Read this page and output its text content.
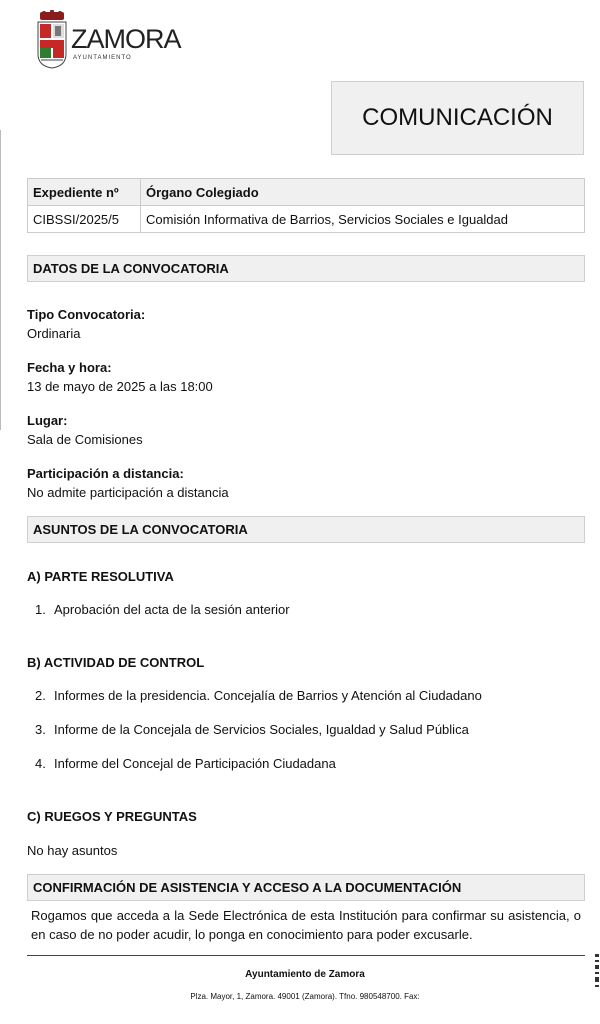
ZAMORA
AYUNTAMIENTO
COMUNICACIÓN
Expediente nº	Órgano Colegiado
CIBSSI/2025/5	Comisión Informativa de Barrios, Servicios Sociales e Igualdad
DATOS DE LA CONVOCATORIA
Tipo Convocatoria:
Ordinaria
Fecha y hora:
13 de mayo de 2025 a las 18:00
Lugar:
Sala de Comisiones
Participación a distancia:
No admite participación a distancia
ASUNTOS DE LA CONVOCATORIA
A) PARTE RESOLUTIVA
1. Aprobación del acta de la sesión anterior
B) ACTIVIDAD DE CONTROL
2. Informes de la presidencia. Concejalía de Barrios y Atención al Ciudadano
3. Informe de la Concejala de Servicios Sociales, Igualdad y Salud Pública
4. Informe del Concejal de Participación Ciudadana
C) RUEGOS Y PREGUNTAS
No hay asuntos
CONFIRMACIÓN DE ASISTENCIA Y ACCESO A LA DOCUMENTACIÓN
Rogamos que acceda a la Sede Electrónica de esta Institución para confirmar su asistencia, o en caso de no poder acudir, lo ponga en conocimiento para poder excusarle.
Ayuntamiento de Zamora
Plza. Mayor, 1, Zamora. 49001 (Zamora). Tfno. 980548700. Fax:
